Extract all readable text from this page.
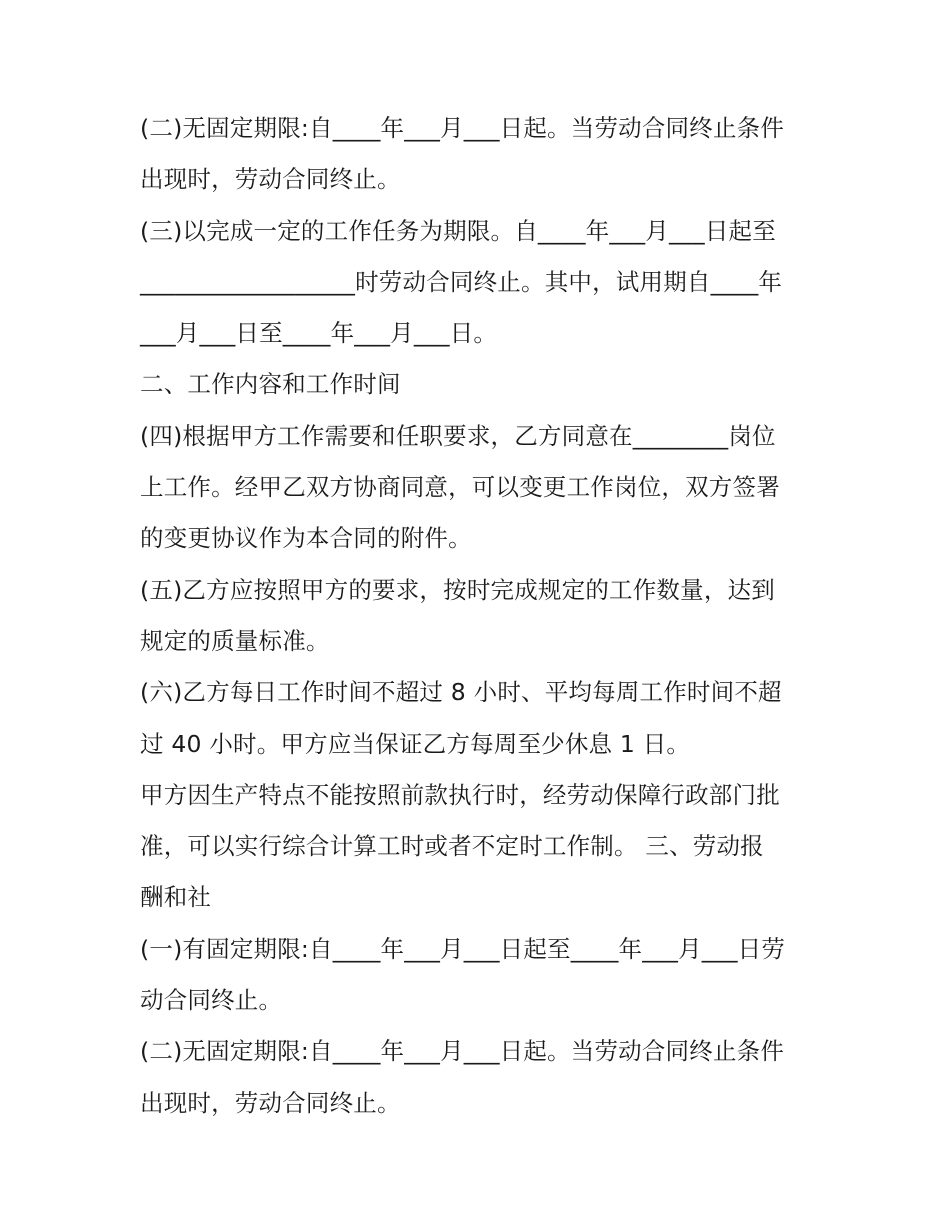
(二)无固定期限:自____年___月___日起。当劳动合同终止条件
出现时，劳动合同终止。
(三)以完成一定的工作任务为期限。自____年___月___日起至
__________________时劳动合同终止。其中，试用期自____年
___月___日至____年___月___日。
二、工作内容和工作时间
(四)根据甲方工作需要和任职要求，乙方同意在________岗位
上工作。经甲乙双方协商同意，可以变更工作岗位，双方签署
的变更协议作为本合同的附件。
(五)乙方应按照甲方的要求，按时完成规定的工作数量，达到
规定的质量标准。
(六)乙方每日工作时间不超过 8 小时、平均每周工作时间不超
过 40 小时。甲方应当保证乙方每周至少休息 1 日。
甲方因生产特点不能按照前款执行时，经劳动保障行政部门批
准，可以实行综合计算工时或者不定时工作制。 三、劳动报
酬和社
(一)有固定期限:自____年___月___日起至____年___月___日劳
动合同终止。
(二)无固定期限:自____年___月___日起。当劳动合同终止条件
出现时，劳动合同终止。
